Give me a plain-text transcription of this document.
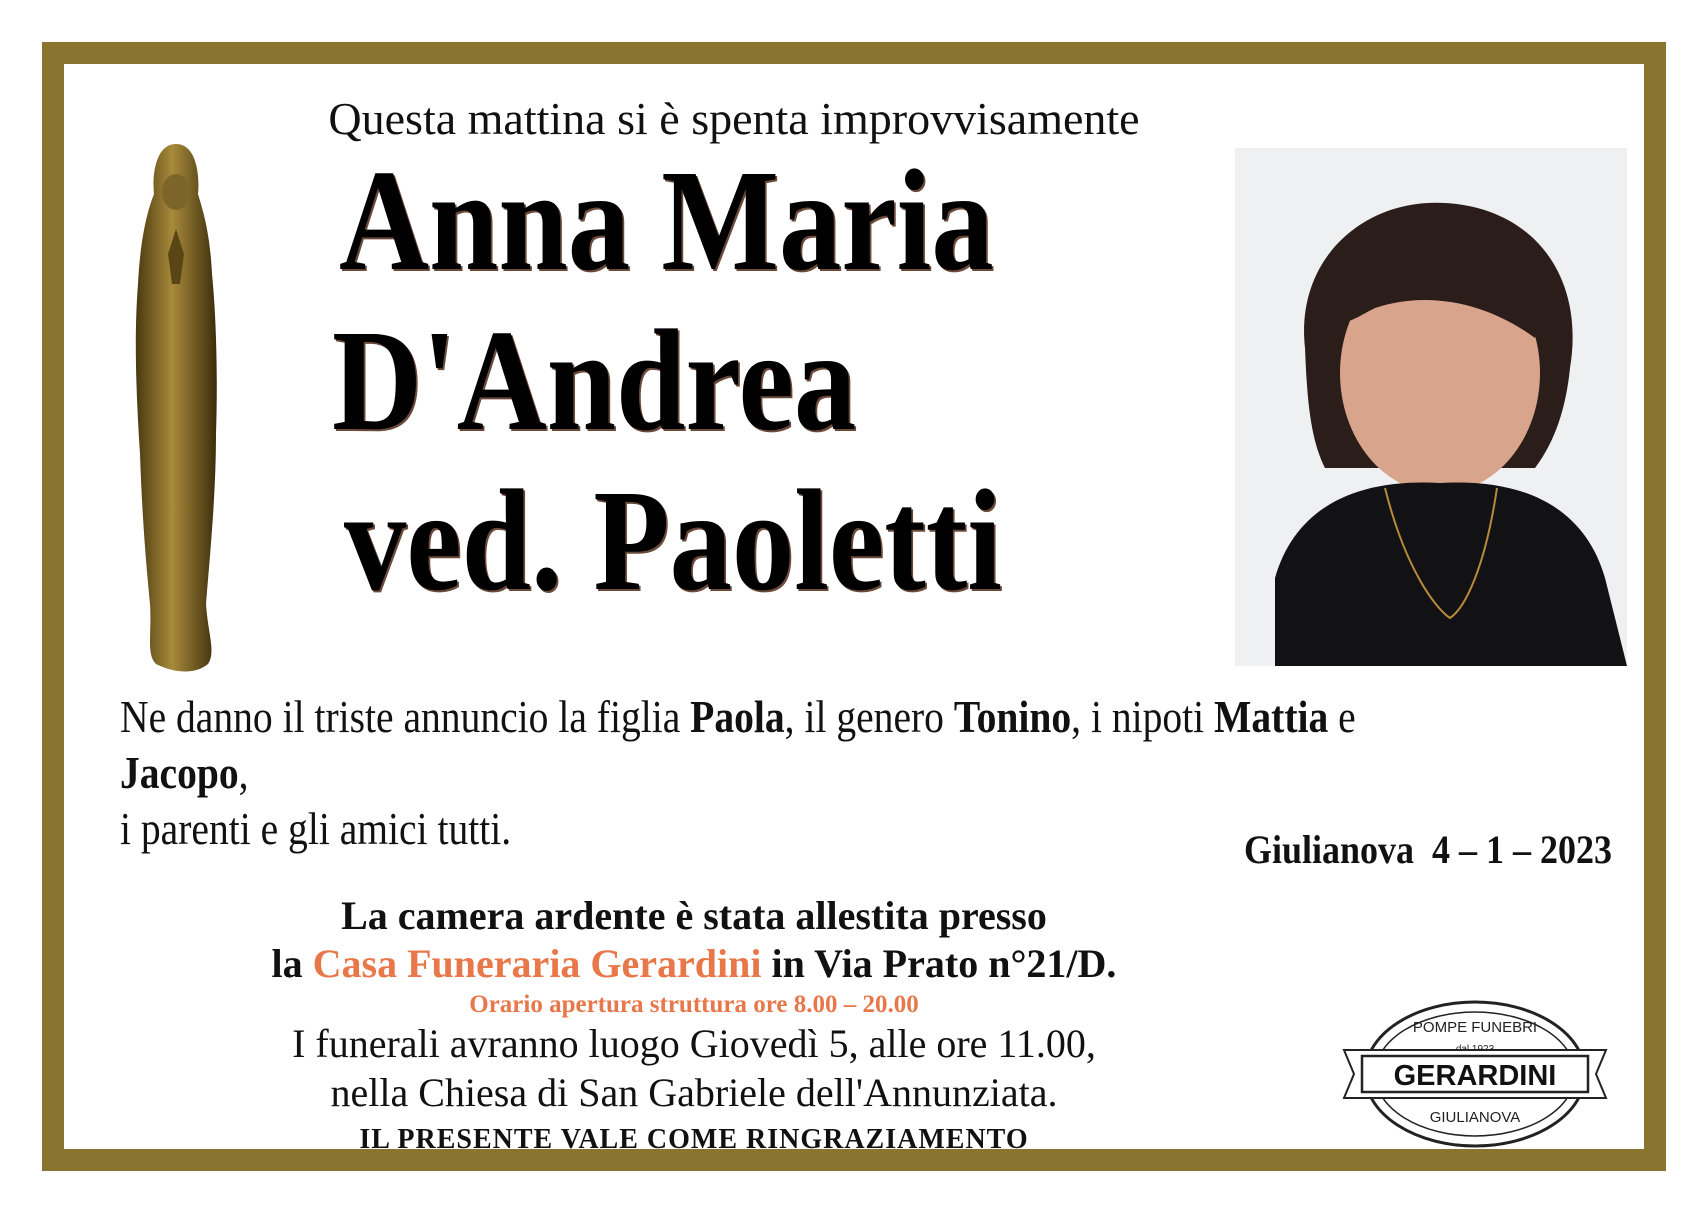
Questa mattina si è spenta improvvisamente
Anna Maria
D'Andrea
ved. Paoletti
Ne danno il triste annuncio la figlia Paola, il genero Tonino, i nipoti Mattia e Jacopo,
i parenti e gli amici tutti.	Giulianova  4 – 1 – 2023
La camera ardente è stata allestita presso
la Casa Funeraria Gerardini in Via Prato n°21/D.
Orario apertura struttura ore 8.00 – 20.00
I funerali avranno luogo Giovedì 5, alle ore 11.00,
nella Chiesa di San Gabriele dell'Annunziata.
IL PRESENTE VALE COME RINGRAZIAMENTO
POMPE FUNEBRI
GERARDINI
GIULIANOVA
